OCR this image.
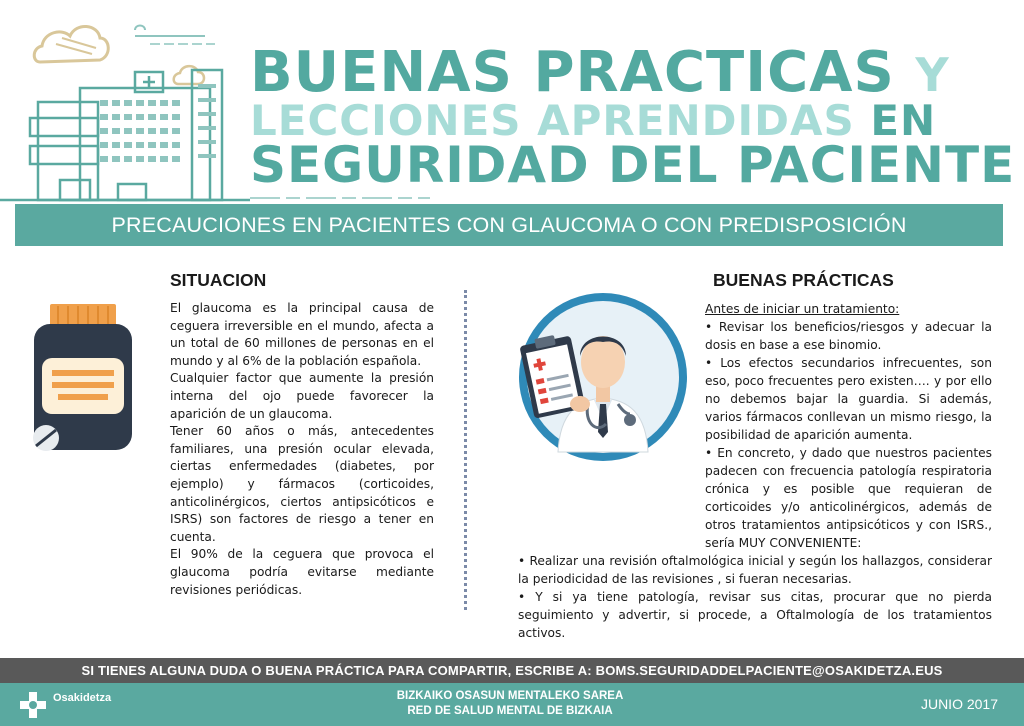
BUENAS PRACTICAS Y
LECCIONES APRENDIDAS EN
SEGURIDAD DEL PACIENTE
PRECAUCIONES EN PACIENTES CON GLAUCOMA O CON PREDISPOSICIÓN
SITUACION

El glaucoma es la principal causa de ceguera irreversible en el mundo, afecta a un total de 60 millones de personas en el mundo y al 6% de la población española.

Cualquier factor que aumente la presión interna del ojo puede favorecer la aparición de un glaucoma.

Tener 60 años o más, antecedentes familiares, una presión ocular elevada, ciertas enfermedades (diabetes, por ejemplo) y fármacos (corticoides, anticolinérgicos, ciertos antipsicóticos e ISRS) son factores de riesgo a tener en cuenta.

El 90% de la ceguera que provoca el glaucoma podría evitarse mediante revisiones periódicas.

BUENAS PRÁCTICAS

Antes de iniciar un tratamiento:

• Revisar los beneficios/riesgos y adecuar la dosis en base a ese binomio.

• Los efectos secundarios infrecuentes, son eso, poco frecuentes pero existen…. y por ello no debemos bajar la guardia. Si además, varios fármacos conllevan un mismo riesgo, la posibilidad de aparición aumenta.

• En concreto, y dado que nuestros pacientes padecen con frecuencia patología respiratoria crónica y es posible que requieran de corticoides y/o anticolinérgicos, además de otros tratamientos antipsicóticos y con ISRS., sería MUY CONVENIENTE:

• Realizar una revisión oftalmológica inicial y según los hallazgos, considerar la periodicidad de las revisiones , si fueran necesarias.

• Y si ya tiene patología, revisar sus citas, procurar que no pierda seguimiento y advertir, si procede, a Oftalmología de los tratamientos activos.

SI TIENES ALGUNA DUDA O BUENA PRÁCTICA PARA COMPARTIR, ESCRIBE A: BOMS.SEGURIDADDELPACIENTE@OSAKIDETZA.EUS
Osakidetza	BIZKAIKO OSASUN MENTALEKO SAREA
RED DE SALUD MENTAL DE BIZKAIA	JUNIO 2017
